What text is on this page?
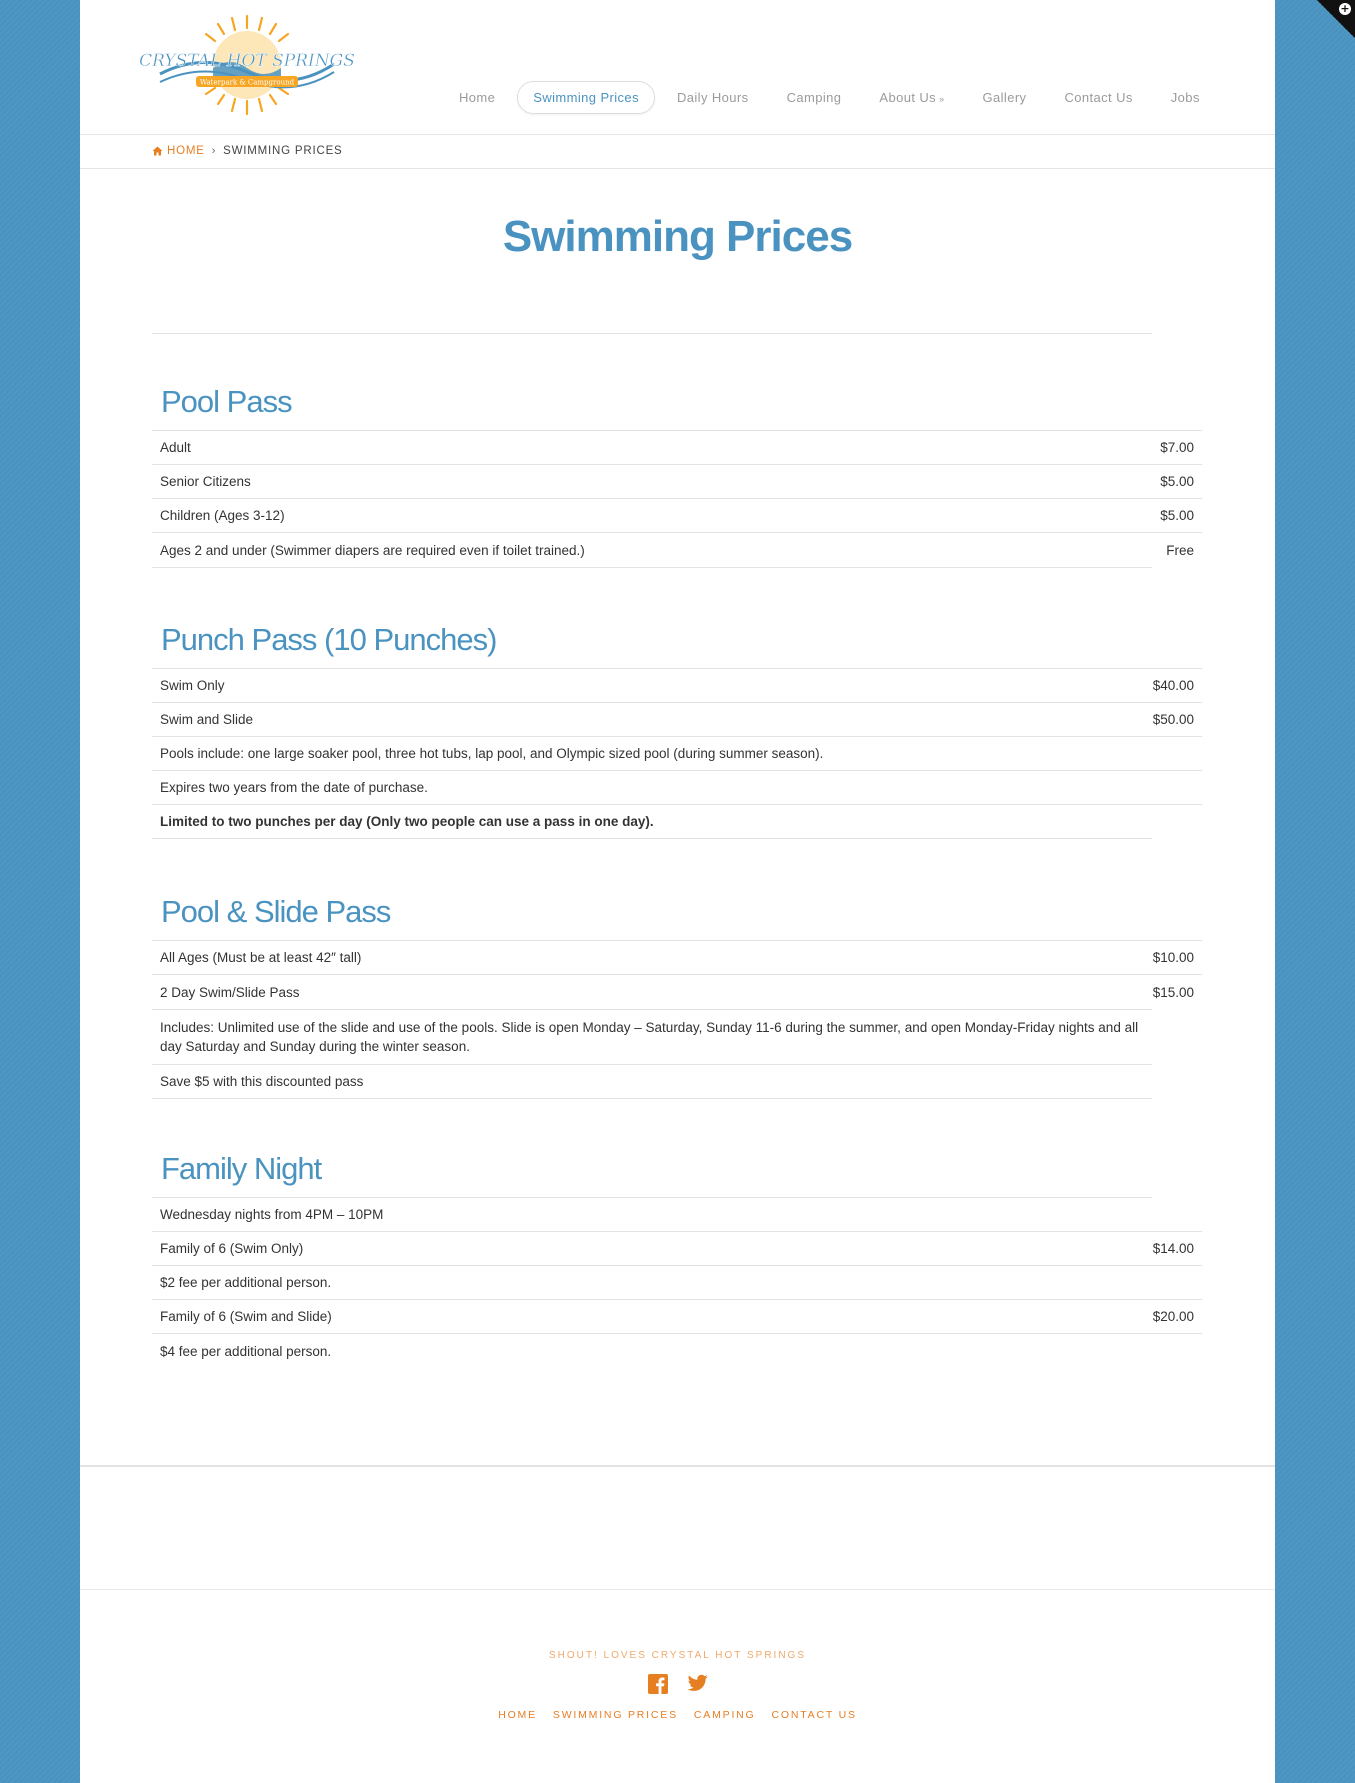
CRYSTAL HOT SPRINGS
Waterpark & Campground
Home	Swimming Prices	Daily Hours	Camping	About Us »	Gallery	Contact Us	Jobs
HOME › SWIMMING PRICES
Swimming Prices
Pool Pass
Adult	$7.00
Senior Citizens	$5.00
Children (Ages 3-12)	$5.00
Ages 2 and under (Swimmer diapers are required even if toilet trained.)	Free
Punch Pass (10 Punches)
Swim Only	$40.00
Swim and Slide	$50.00
Pools include: one large soaker pool, three hot tubs, lap pool, and Olympic sized pool (during summer season).
Expires two years from the date of purchase.
Limited to two punches per day (Only two people can use a pass in one day).
Pool & Slide Pass
All Ages (Must be at least 42″ tall)	$10.00
2 Day Swim/Slide Pass	$15.00
Includes: Unlimited use of the slide and use of the pools. Slide is open Monday – Saturday, Sunday 11-6 during the summer, and open Monday-Friday nights and all day Saturday and Sunday during the winter season.
Save $5 with this discounted pass
Family Night
Wednesday nights from 4PM – 10PM
Family of 6 (Swim Only)	$14.00
$2 fee per additional person.
Family of 6 (Swim and Slide)	$20.00
$4 fee per additional person.
SHOUT! LOVES CRYSTAL HOT SPRINGS
HOME SWIMMING PRICES CAMPING CONTACT US
+
